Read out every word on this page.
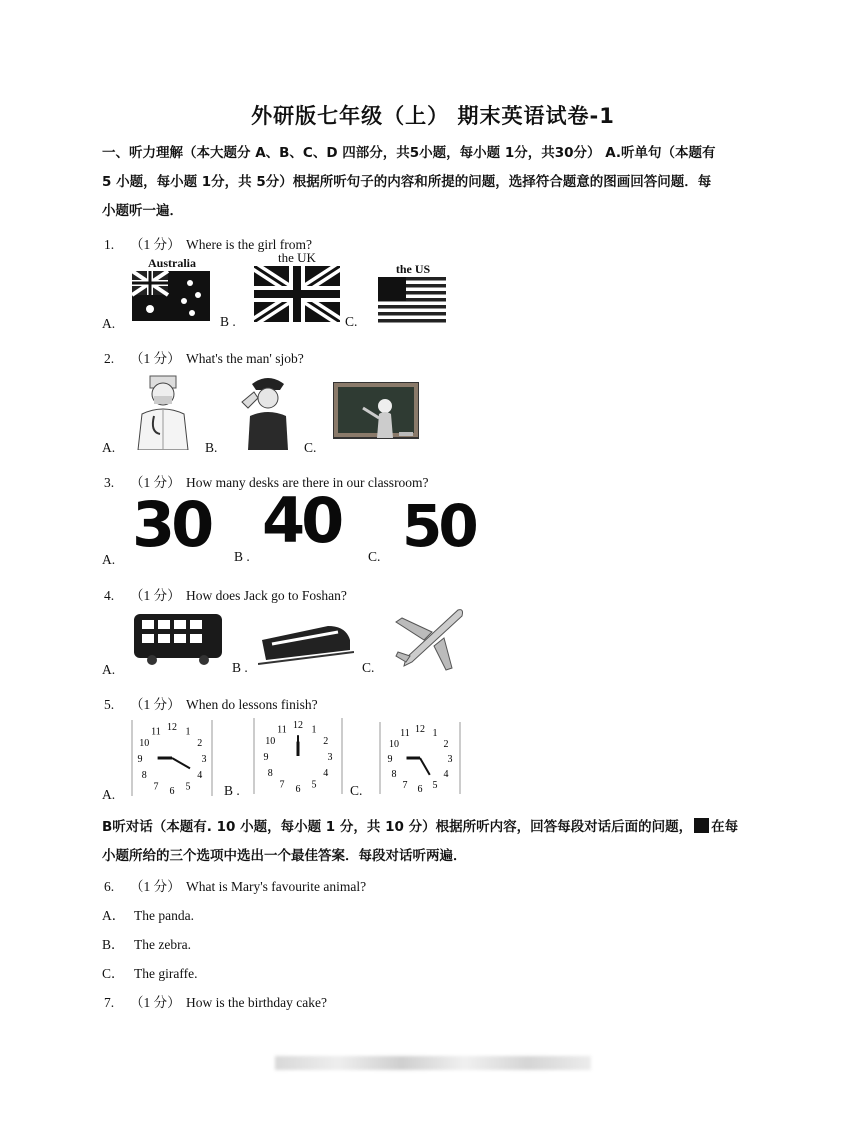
外研版七年级（上） 期末英语试卷-1
一、听力理解（本大题分 A、B、C、D 四部分，共5小题，每小题 1分，共30分） A.听单句（本题有
5 小题，每小题 1分，共 5分）根据所听句子的内容和所提的问题，选择符合题意的图画回答问题．每
小题听一遍．
1. （1 分） Where is the girl from?
A.	B .	C.
Australia	the UK
the US
2. （1 分） What's the man' sjob?
A.	B.	C.
3. （1 分） How many desks are there in our classroom?
A.	B .	C.
30 40 50
4. （1 分） How does Jack go to Foshan?
A.	B .	C.
5. （1 分） When do lessons finish?
A.	B .	C.
12 1
2
3
4
5
6
7
8
9
10
11
12 1
2
3
4
5
6
7
8
9
10
11	12 1
2
3
4
5
6
7
8
9
10
11
B听对话（本题有. 10 小题，每小题 1 分，共 10 分）根据所听内容，回答每段对话后面的问题， 在每
小题所给的三个选项中选出一个最佳答案．每段对话听两遍．
6. （1 分） What is Mary's favourite animal?
A． The panda.
B． The zebra.
C． The giraffe.
7. （1 分） How is the birthday cake?
